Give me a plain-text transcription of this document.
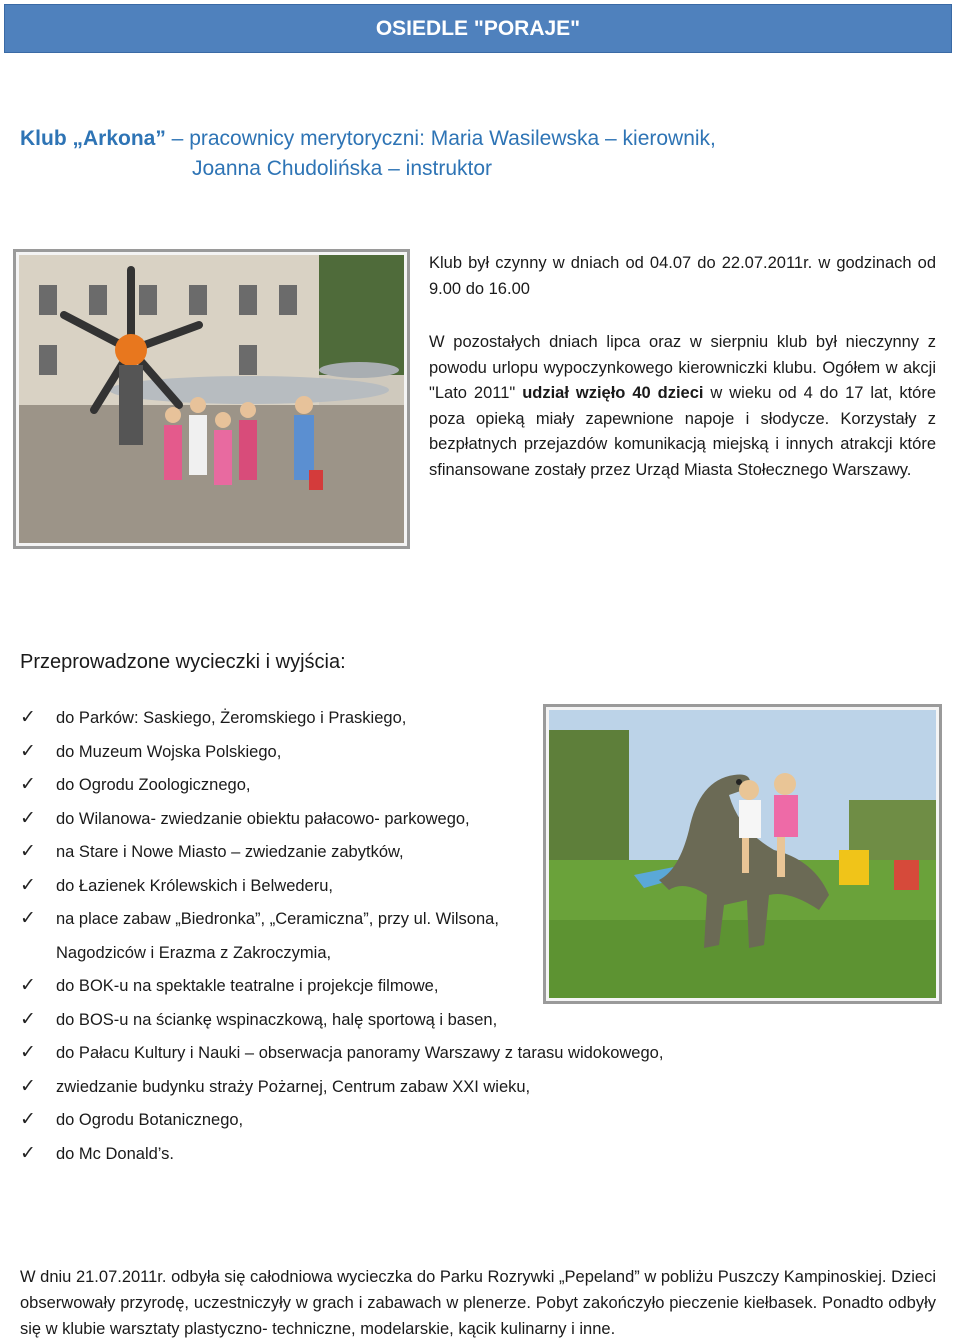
OSIEDLE "PORAJE"
Klub „Arkona” – pracownicy merytoryczni: Maria Wasilewska – kierownik,
Joanna Chudolińska – instruktor

Klub był czynny w dniach od 04.07 do 22.07.2011r. w godzinach od 9.00 do 16.00

W pozostałych dniach lipca oraz w sierpniu klub był nieczynny z powodu urlopu wypoczynkowego kierowniczki klubu. Ogółem w akcji "Lato 2011" udział wzięło 40 dzieci w wieku od 4 do 17 lat, które poza opieką miały zapewnione napoje i słodycze. Korzystały z bezpłatnych przejazdów komunikacją miejską i innych atrakcji które sfinansowane zostały przez Urząd Miasta Stołecznego Warszawy.

Przeprowadzone wycieczki i wyjścia:
✓ do Parków: Saskiego, Żeromskiego i Praskiego,
✓ do Muzeum Wojska Polskiego,
✓ do Ogrodu Zoologicznego,
✓ do Wilanowa- zwiedzanie obiektu pałacowo- parkowego,
✓ na Stare i Nowe Miasto – zwiedzanie zabytków,
✓ do Łazienek Królewskich i Belwederu,
✓ na place zabaw „Biedronka”, „Ceramiczna”, przy ul. Wilsona,
Nagodziców i Erazma z Zakroczymia,
✓ do BOK-u na spektakle teatralne i projekcje filmowe,
✓ do BOS-u na ściankę wspinaczkową, halę sportową i basen,
✓ do Pałacu Kultury i Nauki – obserwacja panoramy Warszawy z tarasu widokowego,
✓ zwiedzanie budynku straży Pożarnej, Centrum zabaw XXI wieku,
✓ do Ogrodu Botanicznego,
✓ do Mc Donald’s.

W dniu 21.07.2011r. odbyła się całodniowa wycieczka do Parku Rozrywki „Pepeland” w pobliżu Puszczy Kampinoskiej. Dzieci obserwowały przyrodę, uczestniczyły w grach i zabawach w plenerze. Pobyt zakończyło pieczenie kiełbasek. Ponadto odbyły się w klubie warsztaty plastyczno- techniczne, modelarskie, kącik kulinarny i inne.
